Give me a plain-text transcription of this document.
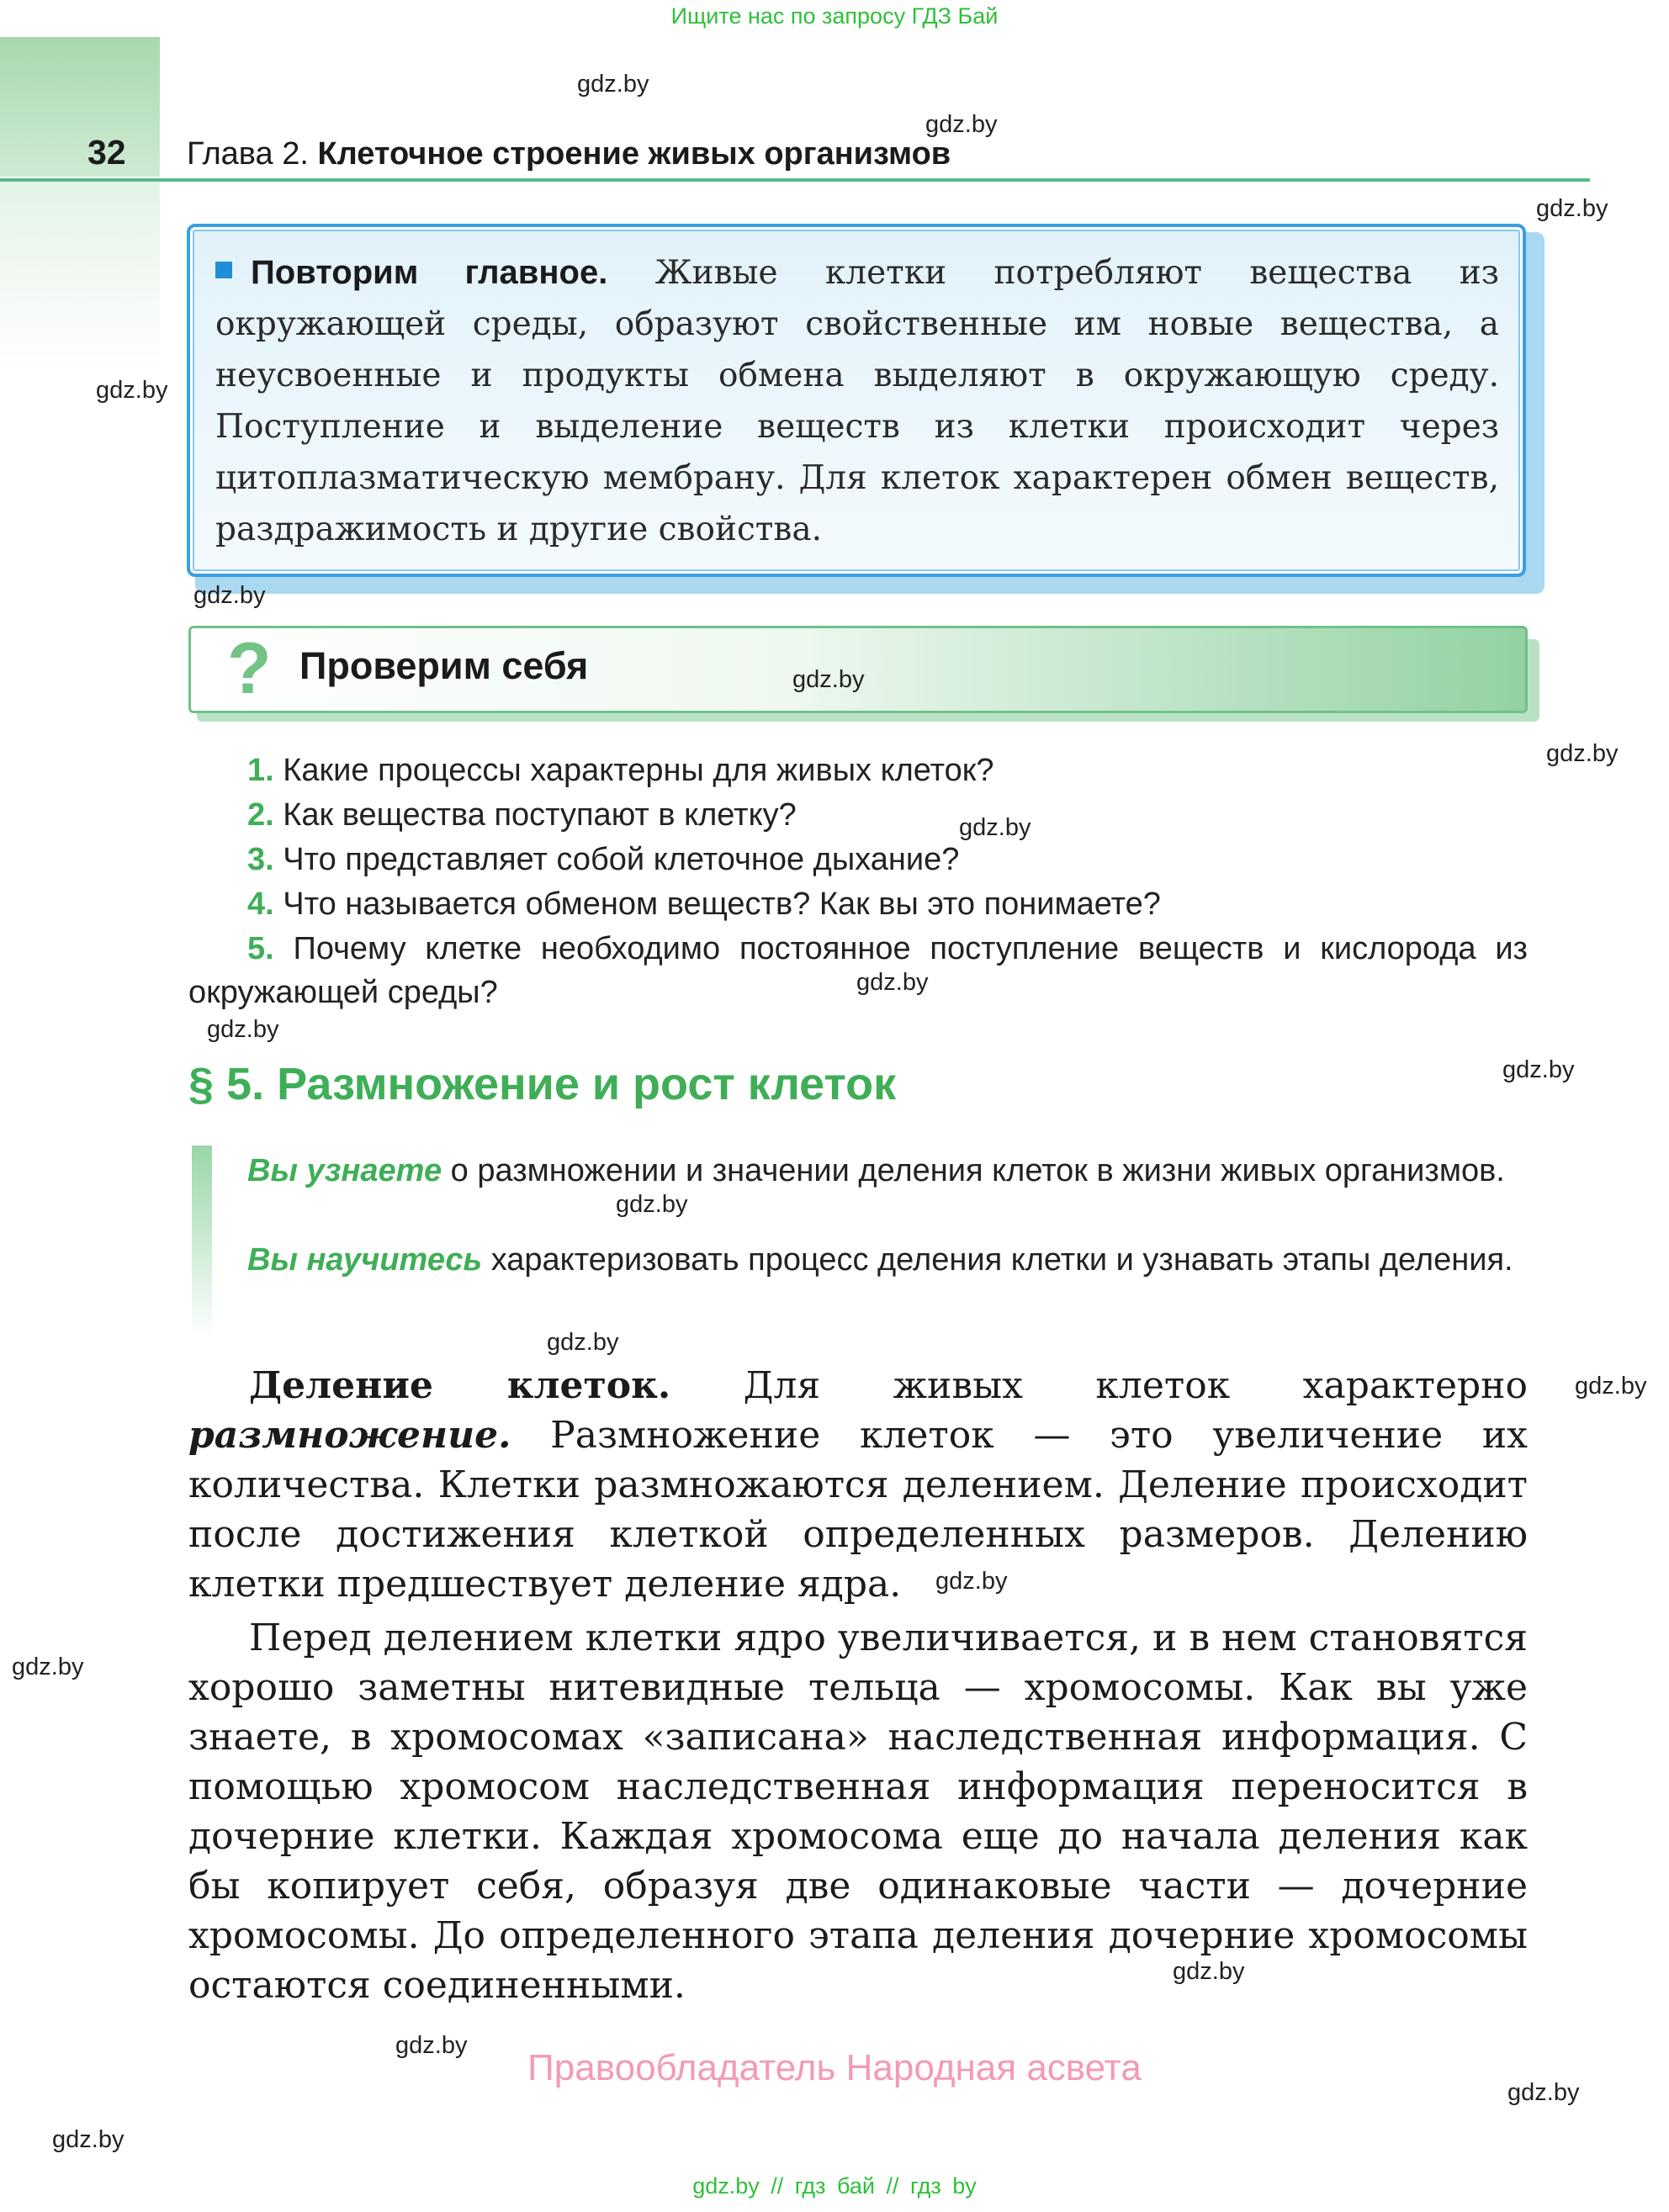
Ищите нас по запросу ГДЗ Бай
32 Глава 2. Клеточное строение живых организмов
Повторим главное. Живые клетки потребляют вещества из окружающей среды, образуют свойственные им новые вещества, а неусвоенные и продукты обмена выделяют в окружающую среду. Поступление и выделение веществ из клетки происходит через цитоплазматическую мембрану. Для клеток характерен обмен веществ, раздражимость и другие свойства.
? Проверим себя
1. Какие процессы характерны для живых клеток?
2. Как вещества поступают в клетку?
3. Что представляет собой клеточное дыхание?
4. Что называется обменом веществ? Как вы это понимаете?
5. Почему клетке необходимо постоянное поступление веществ и кислорода из окружающей среды?
§ 5. Размножение и рост клеток
Вы узнаете о размножении и значении деления клеток в жизни живых организмов.
Вы научитесь характеризовать процесс деления клетки и узнавать этапы деления.
Деление клеток. Для живых клеток характерно размножение. Размножение клеток — это увеличение их количества. Клетки размножаются делением. Деление происходит после достижения клеткой определенных размеров. Делению клетки предшествует деление ядра.
Перед делением клетки ядро увеличивается, и в нем становятся хорошо заметны нитевидные тельца — хромосомы. Как вы уже знаете, в хромосомах «записана» наследственная информация. С помощью хромосом наследственная информация переносится в дочерние клетки. Каждая хромосома еще до начала деления как бы копирует себя, образуя две одинаковые части — дочерние хромосомы. До определенного этапа деления дочерние хромосомы остаются соединенными.
Правообладатель Народная асвета
gdz.by // гдз бай // гдз by
gdz.by
gdz.by
gdz.by
gdz.by
gdz.by
gdz.by
gdz.by
gdz.by
gdz.by
gdz.by
gdz.by
gdz.by
gdz.by
gdz.by
gdz.by
gdz.by
gdz.by
gdz.by
gdz.by
gdz.by
